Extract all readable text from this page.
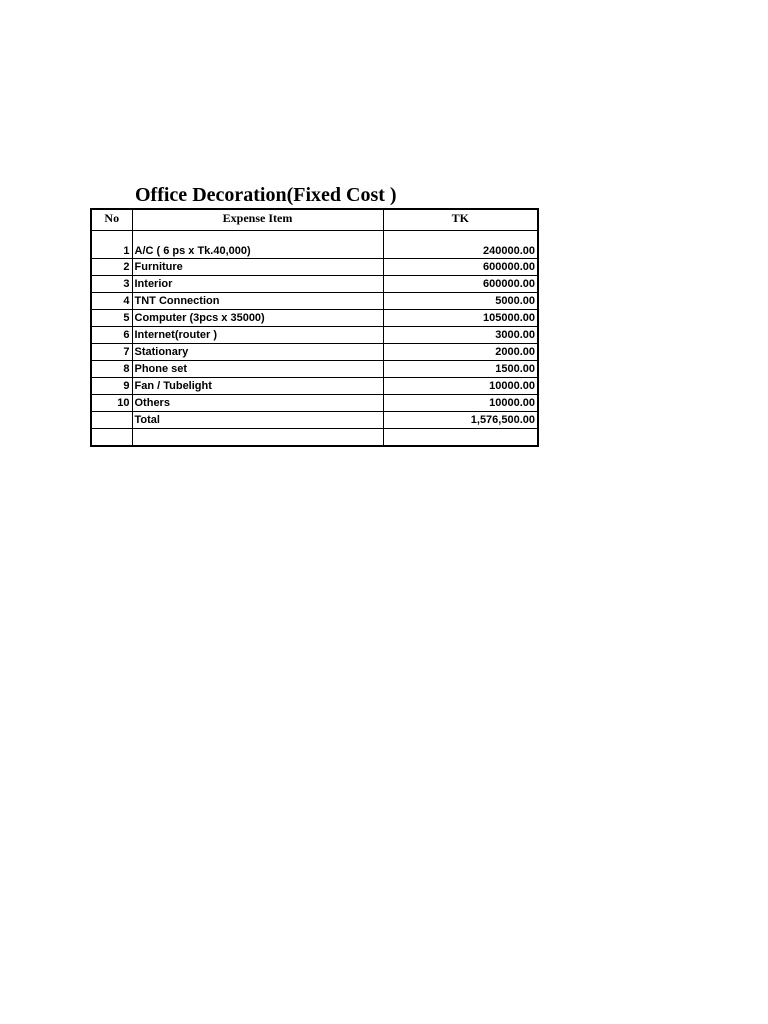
Office Decoration(Fixed Cost )
No	Expense Item	TK
1	A/C ( 6 ps x Tk.40,000)	240000.00
2	Furniture	600000.00
3	Interior	600000.00
4	TNT Connection	5000.00
5	Computer (3pcs x 35000)	105000.00
6	Internet(router )	3000.00
7	Stationary	2000.00
8	Phone set	1500.00
9	Fan / Tubelight	10000.00
10	Others	10000.00
	Total	1,576,500.00
